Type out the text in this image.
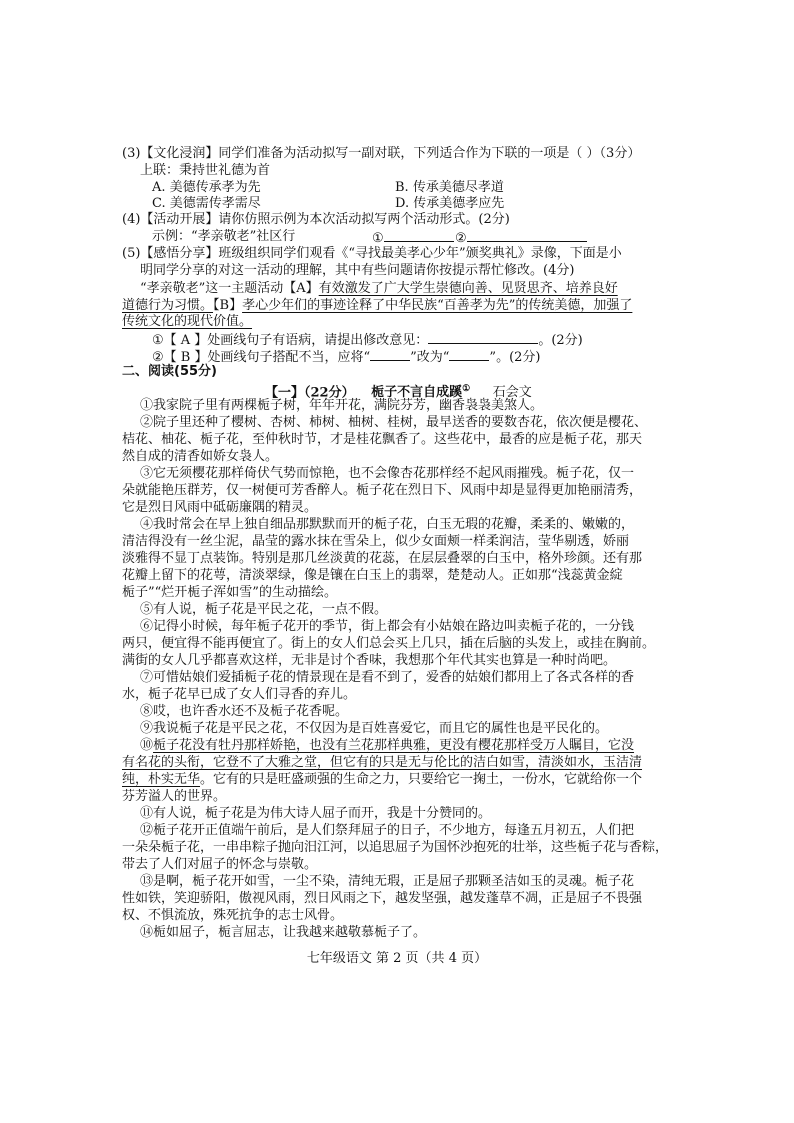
(3)【文化浸润】同学们准备为活动拟写一副对联，下列适合作为下联的一项是（ ）（3分）
上联：秉持世礼德为首
A. 美德传承孝为先	B. 传承美德尽孝道
C. 美德需传孝需尽	D. 传承美德孝应先
(4)【活动开展】请你仿照示例为本次活动拟写两个活动形式。(2分)
示例：“孝亲敬老”社区行	①	②
(5)【感悟分享】班级组织同学们观看《“寻找最美孝心少年”颁奖典礼》录像，下面是小
明同学分享的对这一活动的理解，其中有些问题请你按提示帮忙修改。(4分)
“孝亲敬老”这一主题活动【A】有效激发了广大学生崇德向善、见贤思齐、培养良好
道德行为习惯。【B】孝心少年们的事迹诠释了中华民族“百善孝为先”的传统美德，加强了
传统文化的现代价值。
①【 A 】处画线句子有语病，请提出修改意见：	。(2分)
②【 B 】处画线句子搭配不当，应将“	”改为“	”。(2分)
二、阅读(55分)
【一】（22分） 栀子不言自成蹊① 石会文
①我家院子里有两棵栀子树，年年开花，满院芬芳，幽香袅袅美煞人。
②院子里还种了樱树、杏树、柿树、柚树、桂树，最早送香的要数杏花，依次便是樱花、
桔花、柚花、栀子花，至仲秋时节，才是桂花飘香了。这些花中，最香的应是栀子花，那天
然自成的清香如娇女袅人。
③它无须樱花那样倚伏气势而惊艳，也不会像杏花那样经不起风雨摧残。栀子花，仅一
朵就能艳压群芳，仅一树便可芳香醉人。栀子花在烈日下、风雨中却是显得更加艳丽清秀，
它是烈日风雨中砥砺廉隅的精灵。
④我时常会在早上独自细品那默默而开的栀子花，白玉无瑕的花瓣，柔柔的、嫩嫩的，
清洁得没有一丝尘泥，晶莹的露水抹在雪朵上，似少女面颊一样柔润洁，莹华剔透，娇丽
淡雅得不显丁点装饰。特别是那几丝淡黄的花蕊，在层层叠翠的白玉中，格外珍颜。还有那
花瓣上留下的花萼，清淡翠绿，像是镶在白玉上的翡翠，楚楚动人。正如那“浅蕊黄金綻
栀子”“烂开栀子浑如雪”的生动描绘。
⑤有人说，栀子花是平民之花，一点不假。
⑥记得小时候，每年栀子花开的季节，街上都会有小姑娘在路边叫卖栀子花的，一分钱
两只，便宜得不能再便宜了。街上的女人们总会买上几只，插在后脑的头发上，或挂在胸前。
满街的女人几乎都喜欢这样，无非是讨个香味，我想那个年代其实也算是一种时尚吧。
⑦可惜姑娘们爱插栀子花的情景现在是看不到了，爱香的姑娘们都用上了各式各样的香
水，栀子花早已成了女人们寻香的弃儿。
⑧哎，也许香水还不及栀子花香呢。
⑨我说栀子花是平民之花，不仅因为是百姓喜爱它，而且它的属性也是平民化的。
⑩栀子花没有牡丹那样娇艳，也没有兰花那样典雅，更没有樱花那样受万人瞩目，它没
有名花的头衔，它登不了大雅之堂，但它有的只是无与伦比的洁白如雪，清淡如水，玉洁清
纯，朴实无华。它有的只是旺盛顽强的生命之力，只要给它一掬土，一份水，它就给你一个
芬芳溢人的世界。
⑪有人说，栀子花是为伟大诗人屈子而开，我是十分赞同的。
⑫栀子花开正值端午前后，是人们祭拜屈子的日子，不少地方，每逢五月初五，人们把
一朵朵栀子花，一串串粽子抛向汨江河，以追思屈子为国怀沙抱死的壮举，这些栀子花与香粽，
带去了人们对屈子的怀念与崇敬。
⑬是啊，栀子花开如雪，一尘不染，清纯无瑕，正是屈子那颗圣洁如玉的灵魂。栀子花
性如铁，笑迎骄阳，傲视风雨，烈日风雨之下，越发坚强，越发蓬草不凋，正是屈子不畏强
权、不惧流放，殊死抗争的志士风骨。
⑭栀如屈子，栀言屈志，让我越来越敬慕栀子了。
七年级语文 第 2 页（共 4 页）
